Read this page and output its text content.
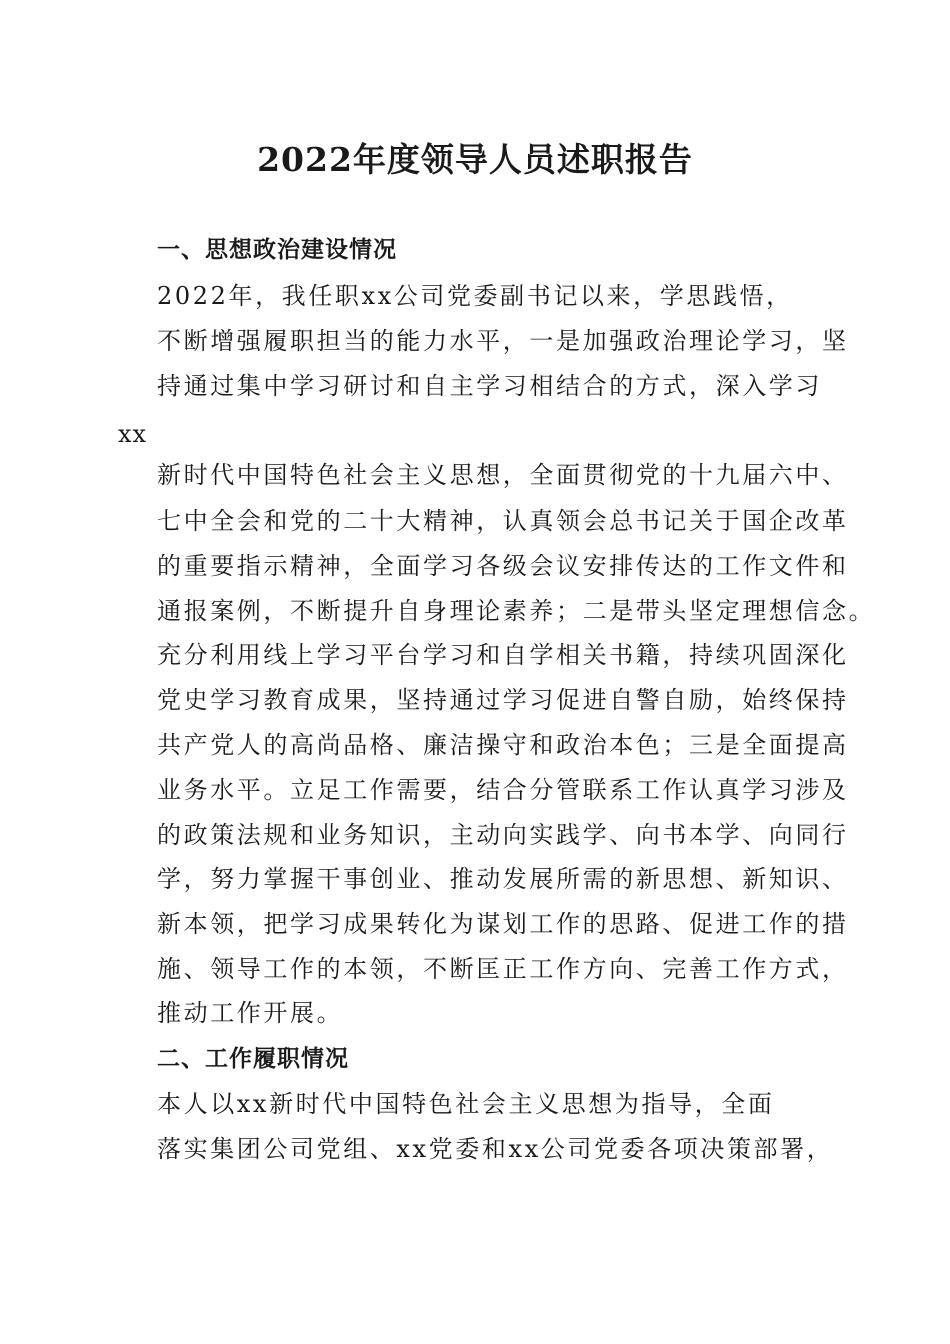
2022年度领导人员述职报告
一、思想政治建设情况
2022年，我任职xx公司党委副书记以来，学思践悟，
不断增强履职担当的能力水平，一是加强政治理论学习，坚
持通过集中学习研讨和自主学习相结合的方式，深入学习
xx
新时代中国特色社会主义思想，全面贯彻党的十九届六中、
七中全会和党的二十大精神，认真领会总书记关于国企改革
的重要指示精神，全面学习各级会议安排传达的工作文件和
通报案例，不断提升自身理论素养；二是带头坚定理想信念。
充分利用线上学习平台学习和自学相关书籍，持续巩固深化
党史学习教育成果，坚持通过学习促进自警自励，始终保持
共产党人的高尚品格、廉洁操守和政治本色；三是全面提高
业务水平。立足工作需要，结合分管联系工作认真学习涉及
的政策法规和业务知识，主动向实践学、向书本学、向同行
学，努力掌握干事创业、推动发展所需的新思想、新知识、
新本领，把学习成果转化为谋划工作的思路、促进工作的措
施、领导工作的本领，不断匡正工作方向、完善工作方式，
推动工作开展。
二、工作履职情况
本人以xx新时代中国特色社会主义思想为指导，全面
落实集团公司党组、xx党委和xx公司党委各项决策部署，
